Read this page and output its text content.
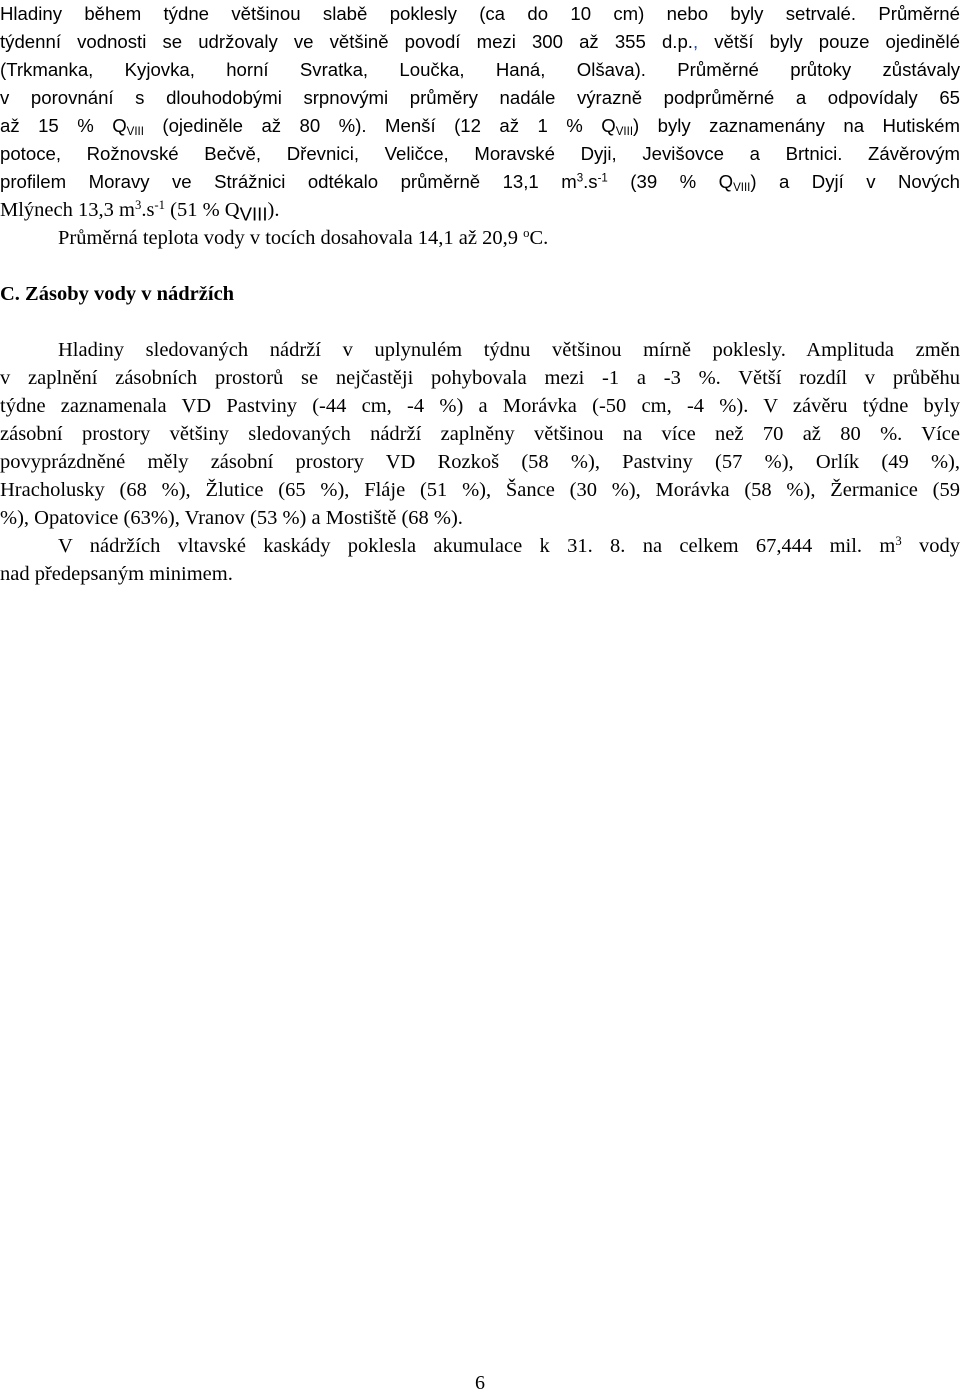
Hladiny během týdne většinou slabě poklesly (ca do 10 cm) nebo byly setrvalé. Průměrné
týdenní vodnosti se udržovaly ve většině povodí mezi 300 až 355 d.p., větší byly pouze ojedinělé
(Trkmanka, Kyjovka, horní Svratka, Loučka, Haná, Olšava). Průměrné průtoky zůstávaly
v porovnání s dlouhodobými srpnovými průměry nadále výrazně podprůměrné a odpovídaly 65
až 15 % $Q_{VIII}$ (ojediněle až 80 %). Menší (12 až 1 % $Q_{VIII}$) byly zaznamenány na Hutiském
potoce, Rožnovské Bečvě, Dřevnici, Veličce, Moravské Dyji, Jevišovce a Brtnici. Závěrovým
profilem Moravy ve Strážnici odtékalo průměrně 13,1 $m^3.s^{-1}$ (39 % $Q_{VIII}$) a Dyjí v Nových
Mlýnech 13,3 $m^3.s^{-1}$ (51 % $Q_{VIII}$).
Průměrná teplota vody v tocích dosahovala 14,1 až 20,9 $^o$C.
C. Zásoby vody v nádržích
Hladiny sledovaných nádrží v uplynulém týdnu většinou mírně poklesly. Amplituda změn
v zaplnění zásobních prostorů se nejčastěji pohybovala mezi -1 a -3 %. Větší rozdíl v průběhu
týdne zaznamenala VD Pastviny (-44 cm, -4 %) a Morávka (-50 cm, -4 %). V závěru týdne byly
zásobní prostory většiny sledovaných nádrží zaplněny většinou na více než 70 až 80 %. Více
povyprázdněné měly zásobní prostory VD Rozkoš (58 %), Pastviny (57 %), Orlík (49 %),
Hracholusky (68 %), Žlutice (65 %), Fláje (51 %), Šance (30 %), Morávka (58 %), Žermanice (59
%), Opatovice (63%), Vranov (53 %) a Mostiště (68 %).
V nádržích vltavské kaskády poklesla akumulace k 31. 8. na celkem 67,444 mil. $m^3$ vody
nad předepsaným minimem.
6
